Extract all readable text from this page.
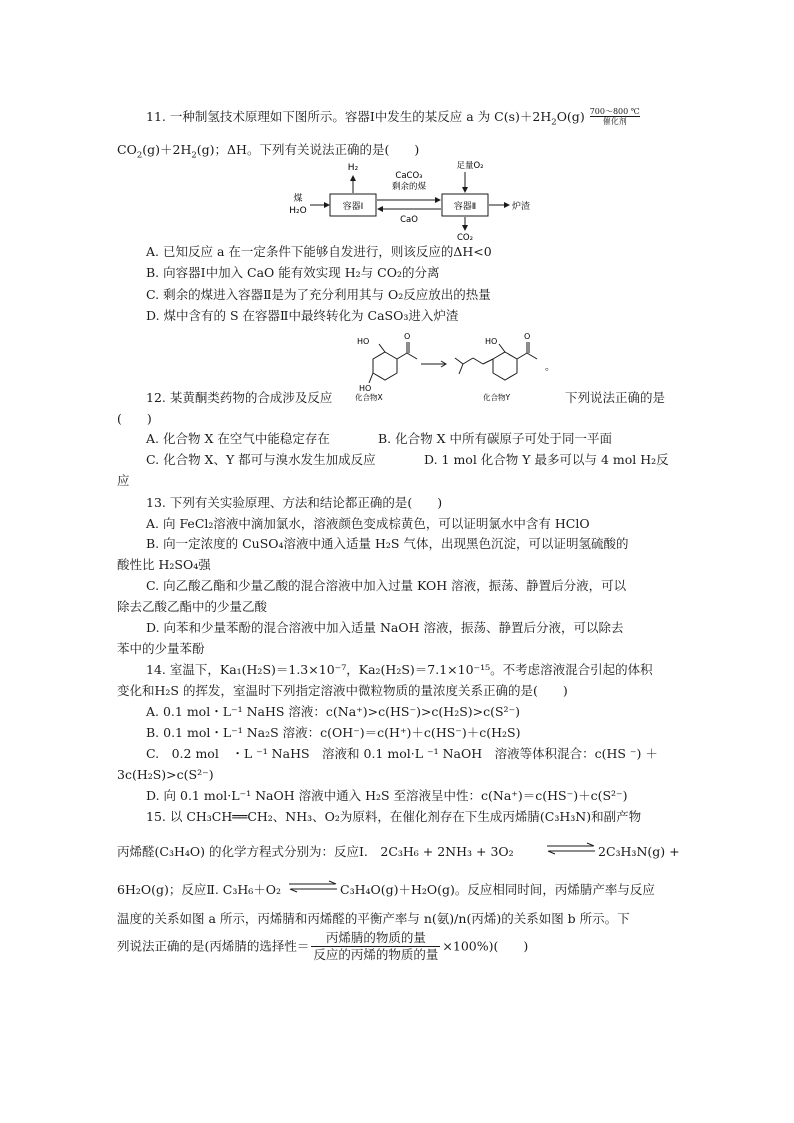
11. 一种制氢技术原理如下图所示。容器Ⅰ中发生的某反应 a 为 $C(s)+2H_2O(g)$ 700～800 ℃
催化剂
$CO_2(g)+2H_2(g)$；ΔH。下列有关说法正确的是(　　)
容器Ⅰ	容器Ⅱ
煤
H₂O
H₂
CaCO₃
剩余的煤
CaO
足量O₂
炉渣
CO₂
A. 已知反应 a 在一定条件下能够自发进行，则该反应的ΔH<0
B. 向容器Ⅰ中加入 CaO 能有效实现 H₂与 CO₂的分离
C. 剩余的煤进入容器Ⅱ是为了充分利用其与 O₂反应放出的热量
D. 煤中含有的 S 在容器Ⅱ中最终转化为 CaSO₃进入炉渣
HO
O
HO
化合物X
HO
O
化合物Y
。
12. 某黄酮类药物的合成涉及反应	下列说法正确的是
(　　)
A. 化合物 X 在空气中能稳定存在	B. 化合物 X 中所有碳原子可处于同一平面
C. 化合物 X、Y 都可与溴水发生加成反应	D. 1 mol 化合物 Y 最多可以与 4 mol H₂反
应
13. 下列有关实验原理、方法和结论都正确的是(　　)
A. 向 FeCl₂溶液中滴加氯水，溶液颜色变成棕黄色，可以证明氯水中含有 HClO
B. 向一定浓度的 CuSO₄溶液中通入适量 H₂S 气体，出现黑色沉淀，可以证明氢硫酸的
酸性比 H₂SO₄强
C. 向乙酸乙酯和少量乙酸的混合溶液中加入过量 KOH 溶液，振荡、静置后分液，可以
除去乙酸乙酯中的少量乙酸
D. 向苯和少量苯酚的混合溶液中加入适量 NaOH 溶液，振荡、静置后分液，可以除去
苯中的少量苯酚
14. 室温下，Ka₁(H₂S)＝1.3×10⁻⁷，Ka₂(H₂S)＝7.1×10⁻¹⁵。不考虑溶液混合引起的体积
变化和H₂S 的挥发，室温时下列指定溶液中微粒物质的量浓度关系正确的是(　　)
A. 0.1 mol・L⁻¹ NaHS 溶液：c(Na⁺)>c(HS⁻)>c(H₂S)>c(S²⁻)
B. 0.1 mol・L⁻¹ Na₂S 溶液：c(OH⁻)＝c(H⁺)＋c(HS⁻)＋c(H₂S)
C.　0.2 mol　・L ⁻¹ NaHS　溶液和 0.1 mol·L ⁻¹ NaOH　溶液等体积混合：c(HS ⁻) ＋
3c(H₂S)>c(S²⁻)
D. 向 0.1 mol·L⁻¹ NaOH 溶液中通入 H₂S 至溶液呈中性：c(Na⁺)＝c(HS⁻)＋c(S²⁻)
15. 以 CH₃CH══CH₂、NH₃、O₂为原料，在催化剂存在下生成丙烯腈(C₃H₃N)和副产物
丙烯醛(C₃H₄O) 的化学方程式分别为：反应Ⅰ.　2C₃H₆ + 2NH₃ + 3O₂	2C₃H₃N(g) +
6H₂O(g)；反应Ⅱ. C₃H₆＋O₂	C₃H₄O(g)＋H₂O(g)。反应相同时间，丙烯腈产率与反应
温度的关系如图 a 所示，丙烯腈和丙烯醛的平衡产率与 n(氨)/n(丙烯)的关系如图 b 所示。下
列说法正确的是(丙烯腈的选择性＝ $\frac{\text{丙烯腈的物质的量}}{\text{反应的丙烯的物质的量}} \times 100\%$)(　　)
